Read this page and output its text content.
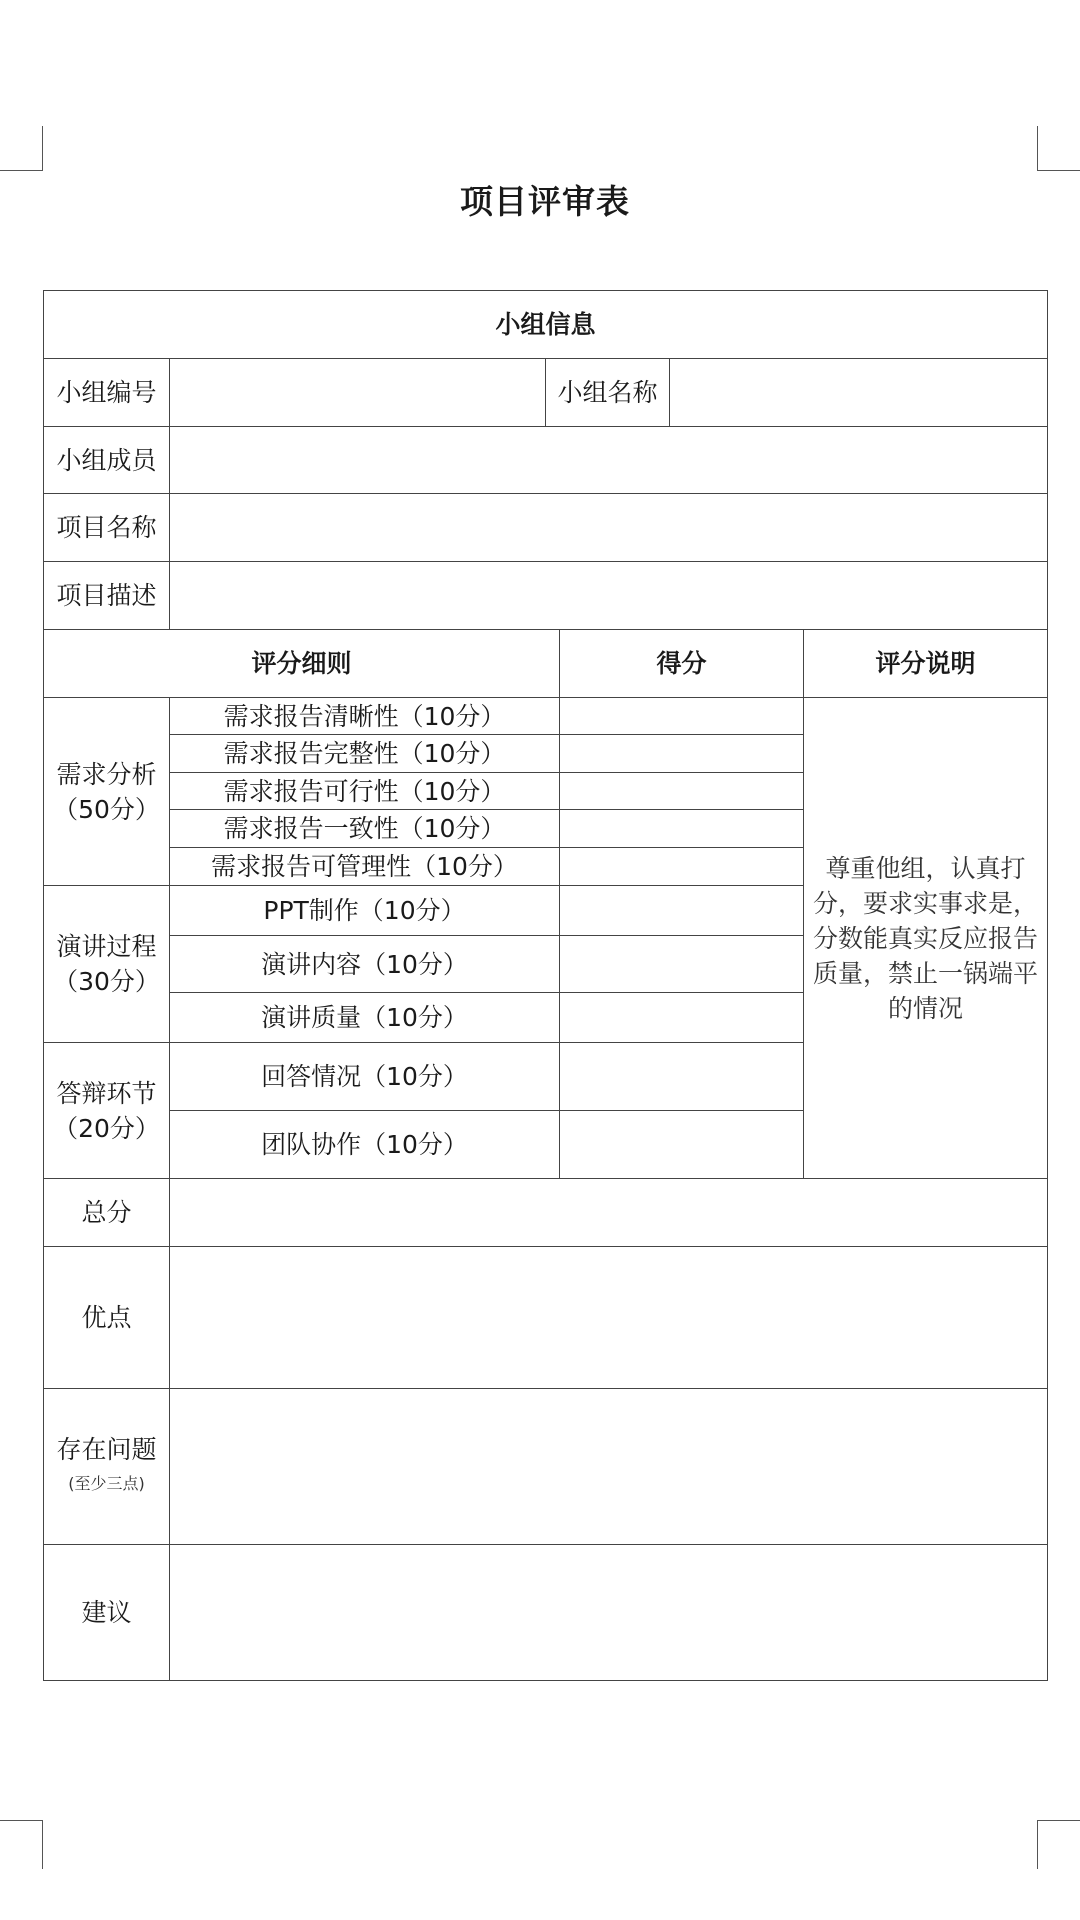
项目评审表
小组信息					
小组编号		小组名称			
小组成员					
项目名称					
项目描述					
评分细则			得分		评分说明
需求分析（50分）	需求报告清晰性（10分）				尊重他组，认真打分，要求实事求是，分数能真实反应报告质量，禁止一锅端平的情况
	需求报告完整性（10分）				
	需求报告可行性（10分）				
	需求报告一致性（10分）				
	需求报告可管理性（10分）				
演讲过程（30分）	PPT制作（10分）				
	演讲内容（10分）				
	演讲质量（10分）				
答辩环节（20分）	回答情况（10分）				
	团队协作（10分）				
总分					
优点					
存在问题
(至少三点)					

建议					
